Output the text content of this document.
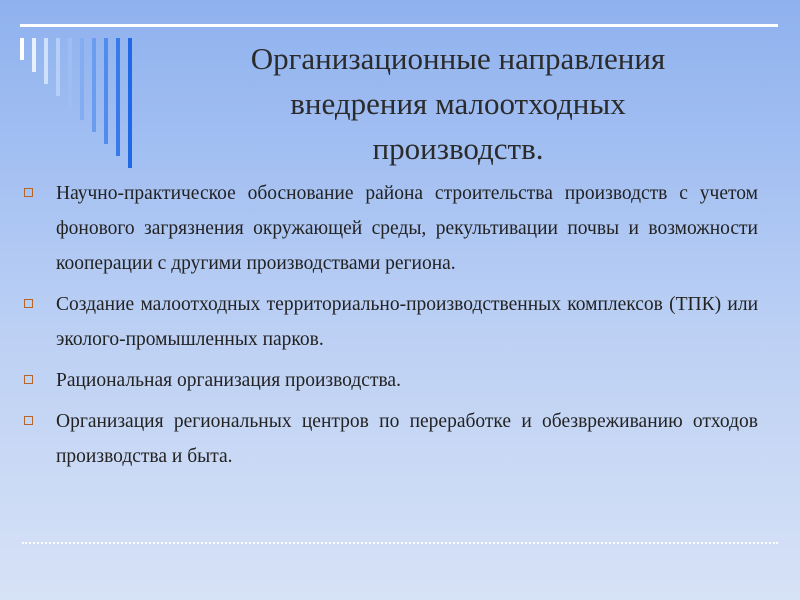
Организационные направления
внедрения малоотходных
производств.
Научно-практическое обоснование района строительства производств с учетом фонового загрязнения окружающей среды, рекультивации почвы и возможности кооперации с другими производствами региона.
Создание малоотходных территориально-производственных комплексов (ТПК) или эколого-промышленных парков.
Рациональная организация производства.
Организация региональных центров по переработке и обезвреживанию отходов производства и быта.
